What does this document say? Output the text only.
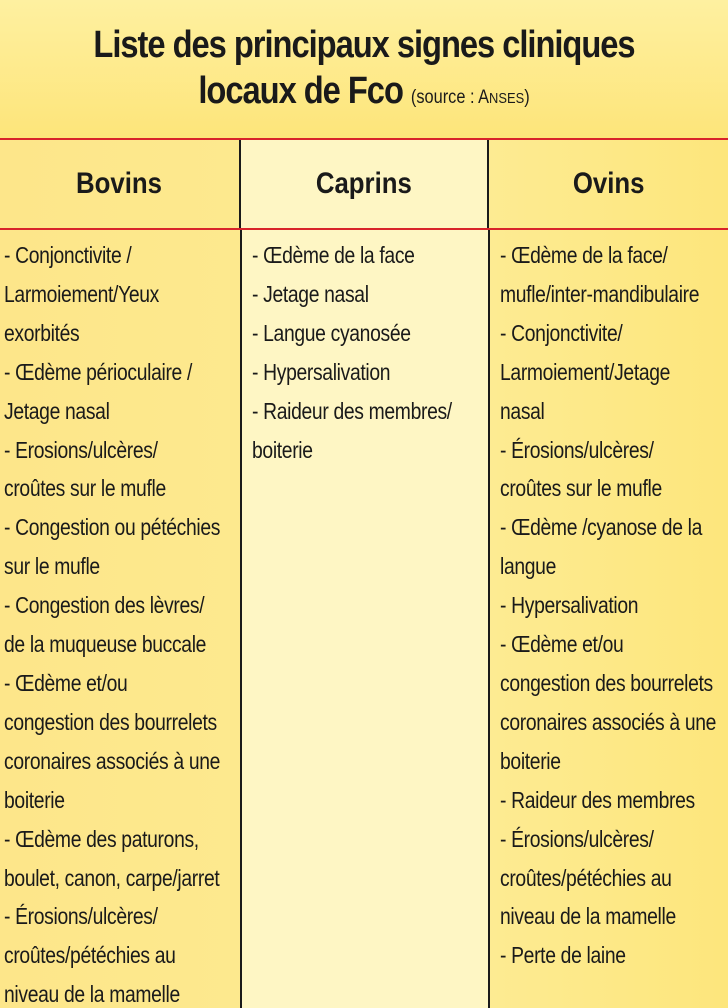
Liste des principaux signes cliniques
locaux de Fco (source : ANSES)
Bovins	Caprins	Ovins
- Conjonctivite /
Larmoiement/Yeux
exorbités
- Œdème périoculaire /
Jetage nasal
- Erosions/ulcères/
croûtes sur le mufle
- Congestion ou pétéchies
sur le mufle
- Congestion des lèvres/
de la muqueuse buccale
- Œdème et/ou
congestion des bourrelets
coronaires associés à une
boiterie
- Œdème des paturons,
boulet, canon, carpe/jarret
- Érosions/ulcères/
croûtes/pétéchies au
niveau de la mamelle
- Œdème de la face
- Jetage nasal
- Langue cyanosée
- Hypersalivation
- Raideur des membres/
boiterie
- Œdème de la face/
mufle/inter-mandibulaire
- Conjonctivite/
Larmoiement/Jetage
nasal
- Érosions/ulcères/
croûtes sur le mufle
- Œdème /cyanose de la
langue
- Hypersalivation
- Œdème et/ou
congestion des bourrelets
coronaires associés à une
boiterie
- Raideur des membres
- Érosions/ulcères/
croûtes/pétéchies au
niveau de la mamelle
- Perte de laine
